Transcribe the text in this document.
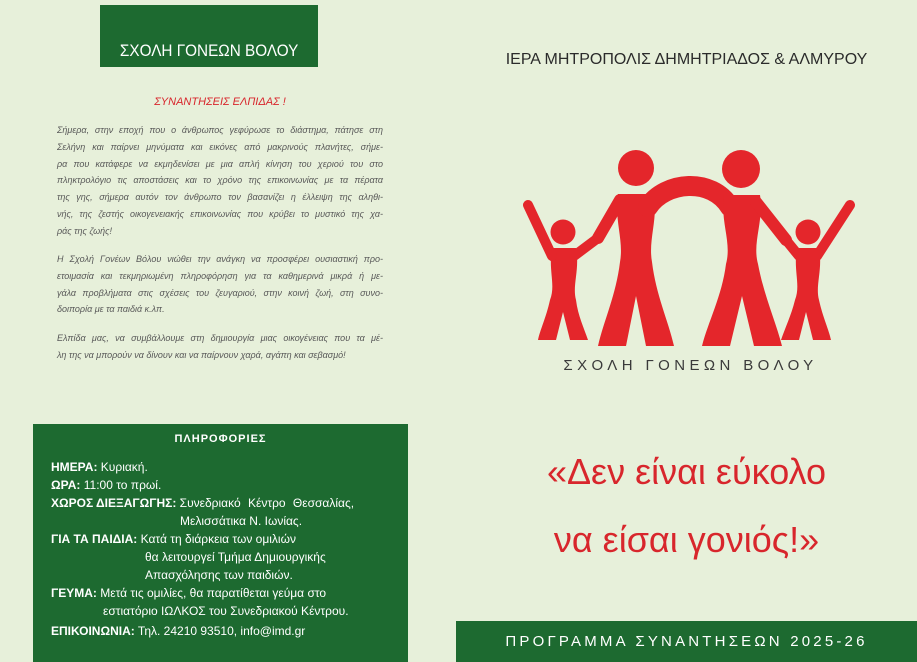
ΣΧΟΛΗ ΓΟΝΕΩΝ ΒΟΛΟΥ
ΣΥΝΑΝΤΗΣΕΙΣ ΕΛΠΙΔΑΣ !
Σήμερα, στην εποχή που ο άνθρωπος γεφύρωσε το διάστημα, πάτησε στη
Σελήνη και παίρνει μηνύματα και εικόνες από μακρινούς πλανήτες, σήμε-
ρα που κατάφερε να εκμηδενίσει με μια απλή κίνηση του χεριού του στο
πληκτρολόγιο τις αποστάσεις και το χρόνο της επικοινωνίας με τα πέρατα
της γης, σήμερα αυτόν τον άνθρωπο τον βασανίζει η έλλειψη της αληθι-
νής, της ζεστής οικογενειακής επικοινωνίας που κρύβει το μυστικό της χα-
ράς της ζωής!
Η Σχολή Γονέων Βόλου νιώθει την ανάγκη να προσφέρει ουσιαστική προ-
ετοιμασία και τεκμηριωμένη πληροφόρηση για τα καθημερινά μικρά ή με-
γάλα προβλήματα στις σχέσεις του ζευγαριού, στην κοινή ζωή, στη συνο-
δοιπορία με τα παιδιά κ.λπ.
Ελπίδα μας, να συμβάλλουμε στη δημιουργία μιας οικογένειας που τα μέ-
λη της να μπορούν να δίνουν και να παίρνουν χαρά, αγάπη και σεβασμό!
ΠΛΗΡΟΦΟΡΙΕΣ
ΗΜΕΡΑ: Κυριακή.
ΩΡΑ: 11:00 το πρωί.
ΧΩΡΟΣ ΔΙΕΞΑΓΩΓΗΣ: Συνεδριακό Κέντρο Θεσσαλίας,
Μελισσάτικα Ν. Ιωνίας.
ΓΙΑ ΤΑ ΠΑΙΔΙΑ: Κατά τη διάρκεια των ομιλιών
θα λειτουργεί Τμήμα Δημιουργικής
Απασχόλησης των παιδιών.
ΓΕΥΜΑ: Μετά τις ομιλίες, θα παρατίθεται γεύμα στο
εστιατόριο ΙΩΛΚΟΣ του Συνεδριακού Κέντρου.
ΕΠΙΚΟΙΝΩΝΙΑ: Τηλ. 24210 93510, info@imd.gr
ΙΕΡΑ ΜΗΤΡΟΠΟΛΙΣ ΔΗΜΗΤΡΙΑΔΟΣ & ΑΛΜΥΡΟΥ
ΣΧΟΛΗ ΓΟΝΕΩΝ ΒΟΛΟΥ
«Δεν είναι εύκολο
να είσαι γονιός!»
ΠΡΟΓΡΑΜΜΑ ΣΥΝΑΝΤΗΣΕΩΝ 2025-26
